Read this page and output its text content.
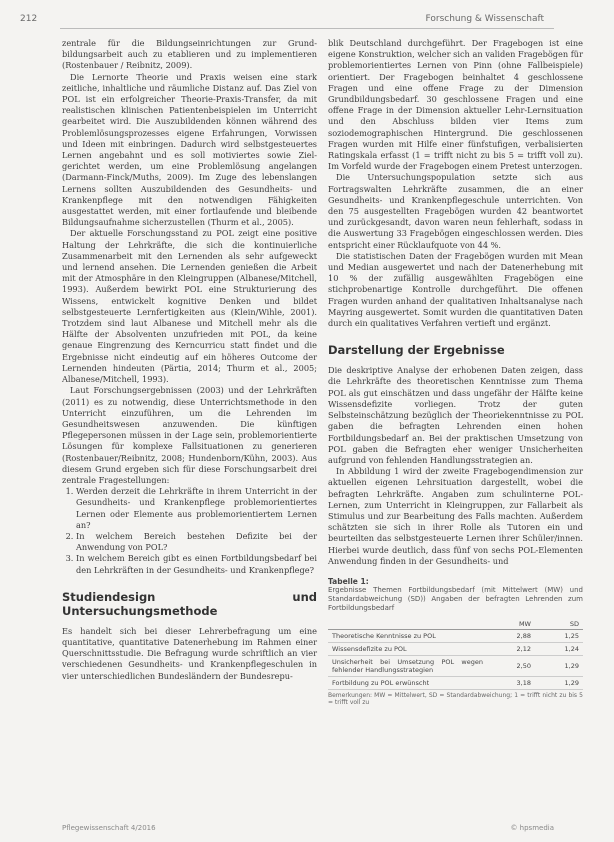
212	Forschung & Wissenschaft

zentrale für die Bildungseinrichtungen zur Grund- bildungsarbeit auch zu etablieren und zu implementieren (Rostenbauer / Reibnitz, 2009).

Die Lernorte Theorie und Praxis weisen eine stark zeitliche, inhaltliche und räumliche Distanz auf. Das Ziel von POL ist ein erfolgreicher Theorie-Praxis-Transfer, da mit realistischen klinischen Patientenbeispielen im Unterricht gearbeitet wird. Die Auszubildenden können während des Problemlösungsprozesses eigene Erfahrungen, Vorwissen und Ideen mit einbringen. Dadurch wird selbstgesteuertes Lernen angebahnt und es soll motiviertes sowie Zielgerichtet werden, um eine Problemlösung angelangen (Darmann-Finck/Muths, 2009). Im Zuge des lebenslangen Lernens sollten Auszubildenden des Gesundheits- und Krankenpflege mit den notwendigen Fähigkeiten ausgestattet werden, mit einer fortlaufende und bleibende Bildungsaufnahme sicherzustellen (Thurm et al., 2005).

Der aktuelle Forschungsstand zu POL zeigt eine positive Haltung der Lehrkräfte, die sich die kontinuierliche Zusammenarbeit mit den Lernenden als sehr aufgeweckt und lernend ansehen. Die Lernenden genießen die Arbeit mit der Atmosphäre in den Kleingruppen (Albanese/Mitchell, 1993). Außerdem bewirkt POL eine Strukturierung des Wissens, entwickelt kognitive Denken und bildet selbstgesteuerte Lernfertigkeiten aus (Klein/Wihle, 2001). Trotzdem sind laut Albanese und Mitchell mehr als die Hälfte der Absolventen unzufrieden mit POL, da keine genaue Eingrenzung des Kerncurricu statt findet und die Ergebnisse nicht eindeutig auf ein höheres Outcome der Lernenden hindeuten (Pärtia, 2014; Thurm et al., 2005; Albanese/Mitchell, 1993).

Laut Forschungsergebnissen (2003) und der Lehrkräften (2011) es zu notwendig, diese Unterrichtsmethode in den Unterricht einzuführen, um die Lehrenden im Gesundheitswesen anzuwenden. Die künftigen Pflegepersonen müssen in der Lage sein, problemorientierte Lösungen für komplexe Fallsituationen zu generieren (Rostenbauer/Reibnitz, 2008; Hundenborn/Kühn, 2003). Aus diesem Grund ergeben sich für diese Forschungsarbeit drei zentrale Fragestellungen:

1. Werden derzeit die Lehrkräfte in ihrem Unterricht in der Gesundheits- und Krankenpflege problemorientiertes Lernen oder Elemente aus problemorientiertem Lernen an?
2. In welchem Bereich bestehen Defizite bei der Anwendung von POL?
3. In welchem Bereich gibt es einen Fortbildungsbedarf bei den Lehrkräften in der Gesundheits- und Krankenpflege?
Studiendesign und Untersuchungsmethode

Es handelt sich bei dieser Lehrerbefragung um eine quantitative, quantitative Datenerhebung im Rahmen einer Querschnittsstudie. Die Befragung wurde schriftlich an vier verschiedenen Gesundheits- und Krankenpflegeschulen in vier unterschiedlichen Bundesländern der Bundesrepu-

blik Deutschland durchgeführt. Der Fragebogen ist eine eigene Konstruktion, welcher sich an validen Fragebögen für problemorientiertes Lernen von Pinn (ohne Fallbeispiele) orientiert. Der Fragebogen beinhaltet 4 geschlossene Fragen und eine offene Frage zu der Dimension Grundbildungsbedarf. 30 geschlossene Fragen und eine offene Frage in der Dimension aktueller Lehr-Lernsituation und den Abschluss bilden vier Items zum soziodemographischen Hintergrund. Die geschlossenen Fragen wurden mit Hilfe einer fünfstufigen, verbalisierten Ratingskala erfasst (1 = trifft nicht zu bis 5 = trifft voll zu). Im Vorfeld wurde der Fragebogen einem Pretest unterzogen.

Die Untersuchungspopulation setzte sich aus Fortragswalten Lehrkräfte zusammen, die an einer Gesundheits- und Krankenpflegeschule unterrichten. Von den 75 ausgestellten Fragebögen wurden 42 beantwortet und zurückgesandt, davon waren neun fehlerhaft, sodass in die Auswertung 33 Fragebögen eingeschlossen werden. Dies entspricht einer Rücklaufquote von 44 %.

Die statistischen Daten der Fragebögen wurden mit Mean und Median ausgewertet und nach der Datenerhebung mit 10 % der zufällig ausgewählten Fragebögen eine stichprobenartige Kontrolle durchgeführt. Die offenen Fragen wurden anhand der qualitativen Inhaltsanalyse nach Mayring ausgewertet. Somit wurden die quantitativen Daten durch ein qualitatives Verfahren vertieft und ergänzt.

Darstellung der Ergebnisse

Die deskriptive Analyse der erhobenen Daten zeigen, dass die Lehrkräfte des theoretischen Kenntnisse zum Thema POL als gut einschätzen und dass ungefähr der Hälfte keine Wissensdefizite vorliegen. Trotz der guten Selbsteinschätzung bezüglich der Theoriekenntnisse zu POL gaben die befragten Lehrenden einen hohen Fortbildungsbedarf an. Bei der praktischen Umsetzung von POL gaben die Befragten eher weniger Unsicherheiten aufgrund von fehlenden Handlungsstrategien an.

In Abbildung 1 wird der zweite Fragebogendimension zur aktuellen eigenen Lehrsituation dargestellt, wobei die befragten Lehrkräfte. Angaben zum schulinterne POL-Lernen, zum Unterricht in Kleingruppen, zur Fallarbeit als Stimulus und zur Bearbeitung des Falls machten. Außerdem schätzten sie sich in ihrer Rolle als Tutoren ein und beurteilten das selbstgesteuerte Lernen ihrer Schüler/innen. Hierbei wurde deutlich, dass fünf von sechs POL-Elementen Anwendung finden in der Gesundheits- und

Tabelle 1:
Ergebnisse Themen Fortbildungsbedarf (mit Mittelwert (MW) und Standardabweichung (SD)) Angaben der befragten Lehrenden zum Fortbildungsbedarf
	MW	SD
Theoretische Kenntnisse zu POL	2,88	1,25
Wissensdefizite zu POL	2,12	1,24
Unsicherheit bei Umsetzung POL wegen fehlender Handlungsstrategien	2,50	1,29
Fortbildung zu POL erwünscht	3,18	1,29
Bemerkungen: MW = Mittelwert, SD = Standardabweichung; 1 = trifft nicht zu bis 5 = trifft voll zu
Pflegewissenschaft 4/2016	© hpsmedia
